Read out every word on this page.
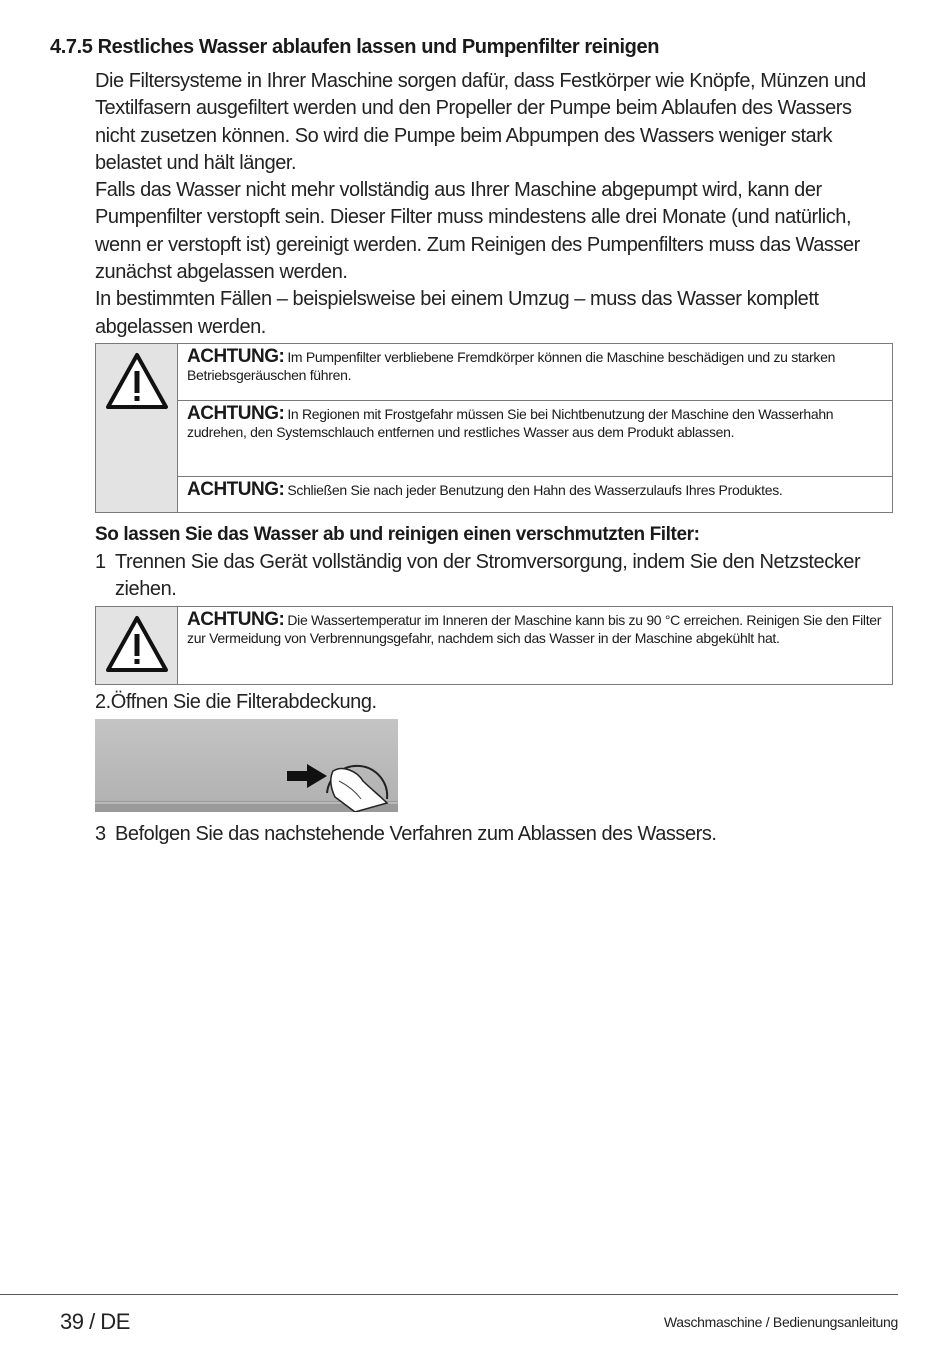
4.7.5 Restliches Wasser ablaufen lassen und Pumpenfilter reinigen

Die Filtersysteme in Ihrer Maschine sorgen dafür, dass Festkörper wie Knöpfe, Münzen und Textilfasern ausgefiltert werden und den Propeller der Pumpe beim Ablaufen des Wassers nicht zusetzen können. So wird die Pumpe beim Abpumpen des Wassers weniger stark belastet und hält länger.

Falls das Wasser nicht mehr vollständig aus Ihrer Maschine abgepumpt wird, kann der Pumpenfilter verstopft sein. Dieser Filter muss mindestens alle drei Monate (und natürlich, wenn er verstopft ist) gereinigt werden. Zum Reinigen des Pumpenfilters muss das Wasser zunächst abgelassen werden.

In bestimmten Fällen – beispielsweise bei einem Umzug – muss das Wasser komplett abgelassen werden.

ACHTUNG: Im Pumpenfilter verbliebene Fremdkörper können die Maschine beschädigen und zu starken Betriebsgeräuschen führen.
ACHTUNG: In Regionen mit Frostgefahr müssen Sie bei Nichtbenutzung der Maschine den Wasserhahn zudrehen, den Systemschlauch entfernen und restliches Wasser aus dem Produkt ablassen.
ACHTUNG: Schließen Sie nach jeder Benutzung den Hahn des Wasserzulaufs Ihres Produktes.
So lassen Sie das Wasser ab und reinigen einen verschmutzten Filter:
1 Trennen Sie das Gerät vollständig von der Stromversorgung, indem Sie den Netzstecker
ziehen.
ACHTUNG: Die Wassertemperatur im Inneren der Maschine kann bis zu 90 °C erreichen. Reinigen Sie den Filter zur Vermeidung von Verbrennungsgefahr, nachdem sich das Wasser in der Maschine abgekühlt hat.
2.Öffnen Sie die Filterabdeckung.
3 Befolgen Sie das nachstehende Verfahren zum Ablassen des Wassers.
39 / DE	Waschmaschine / Bedienungsanleitung
